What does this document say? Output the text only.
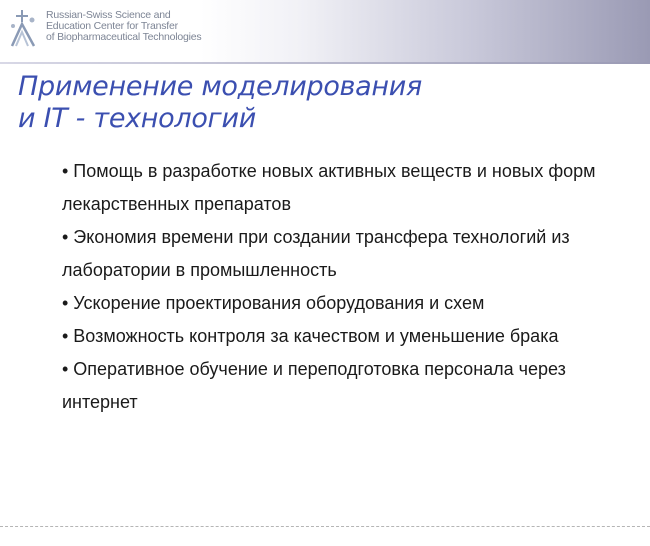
Russian-Swiss Science and
Education Center for Transfer
of Biopharmaceutical Technologies
Применение моделирования
и IT - технологий

• Помощь в разработке новых активных веществ и новых форм лекарственных препаратов

• Экономия времени при создании трансфера технологий из лаборатории в промышленность

• Ускорение проектирования оборудования и схем

• Возможность контроля за качеством и уменьшение брака

• Оперативное обучение и переподготовка персонала через интернет
